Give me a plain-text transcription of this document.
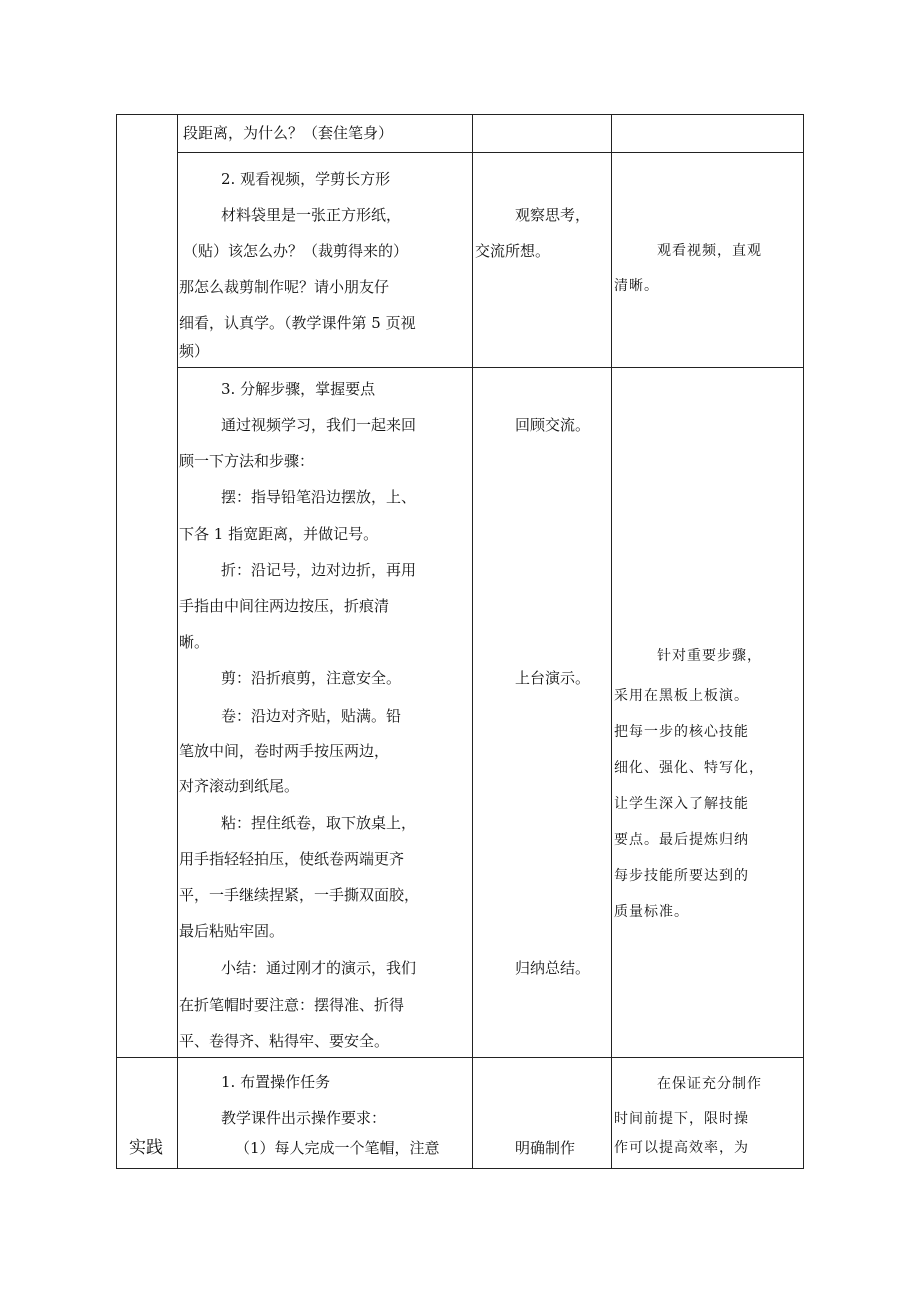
段距离，为什么？（套住笔身）
2. 观看视频，学剪长方形
材料袋里是一张正方形纸，
（贴）该怎么办？（裁剪得来的）
那怎么裁剪制作呢？请小朋友仔
细看，认真学。（教学课件第 5 页视
频）
观察思考，
交流所想。	观看视频，直观
清晰。
3. 分解步骤，掌握要点
通过视频学习，我们一起来回
顾一下方法和步骤：
摆：指导铅笔沿边摆放，上、
下各 1 指宽距离，并做记号。
折：沿记号，边对边折，再用
手指由中间往两边按压，折痕清
晰。
剪：沿折痕剪，注意安全。
卷：沿边对齐贴，贴满。铅
笔放中间，卷时两手按压两边，
对齐滚动到纸尾。
粘：捏住纸卷，取下放桌上，
用手指轻轻拍压，使纸卷两端更齐
平，一手继续捏紧，一手撕双面胶，
最后粘贴牢固。
小结：通过刚才的演示，我们
在折笔帽时要注意：摆得准、折得
平、卷得齐、粘得牢、要安全。
回顾交流。
上台演示。
归纳总结。
针对重要步骤，
采用在黑板上板演。
把每一步的核心技能
细化、强化、特写化，
让学生深入了解技能
要点。最后提炼归纳
每步技能所要达到的
质量标准。
实践
1. 布置操作任务
教学课件出示操作要求：
（1）每人完成一个笔帽，注意	明确制作
在保证充分制作
时间前提下，限时操
作可以提高效率，为
